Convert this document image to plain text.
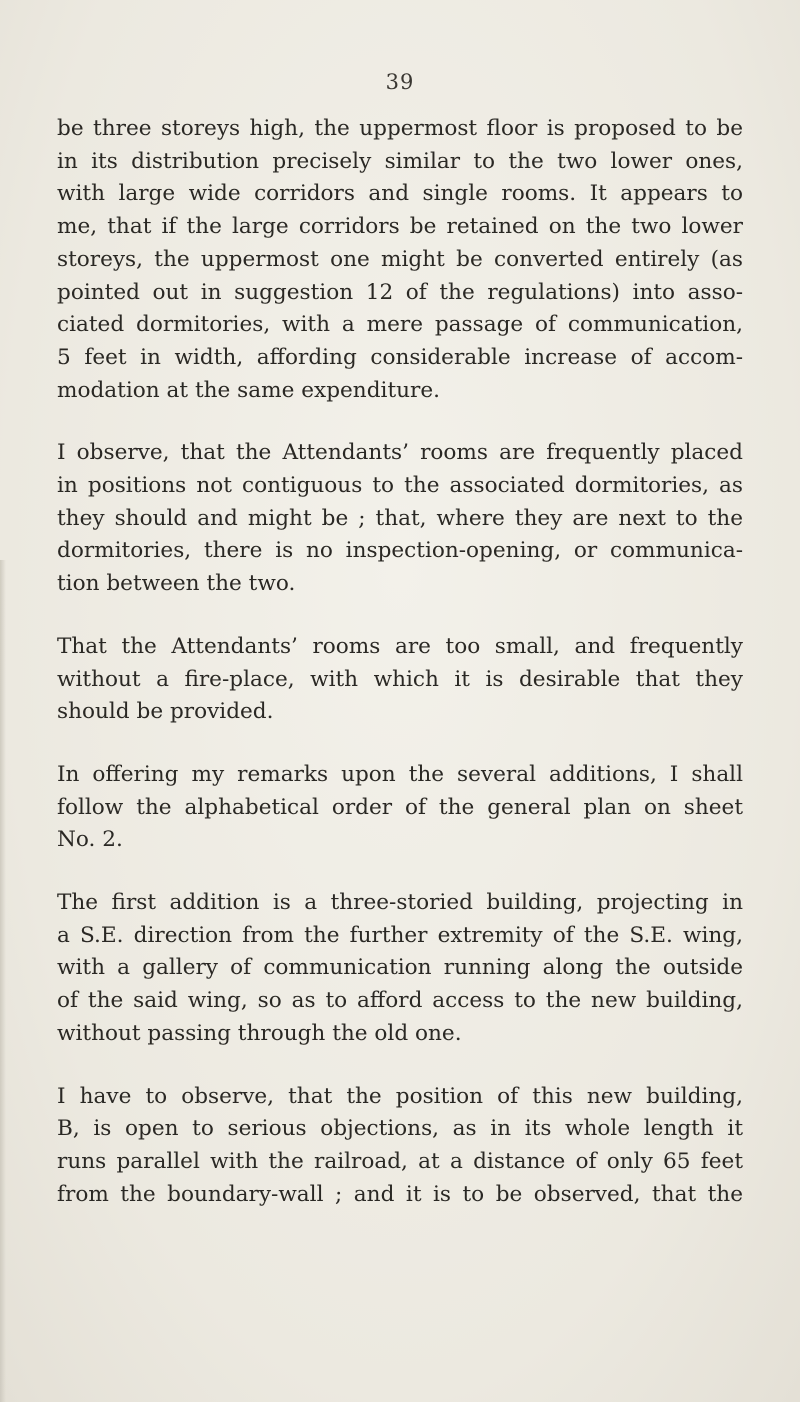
39

be three storeys high, the uppermost floor is proposed to be
in its distribution precisely similar to the two lower ones,
with large wide corridors and single rooms. It appears to
me, that if the large corridors be retained on the two lower
storeys, the uppermost one might be converted entirely (as
pointed out in suggestion 12 of the regulations) into asso-
ciated dormitories, with a mere passage of communication,
5 feet in width, affording considerable increase of accom-
modation at the same expenditure.

I observe, that the Attendants’ rooms are frequently placed
in positions not contiguous to the associated dormitories, as
they should and might be ; that, where they are next to the
dormitories, there is no inspection-opening, or communica-
tion between the two.

That the Attendants’ rooms are too small, and frequently
without a fire-place, with which it is desirable that they
should be provided.

In offering my remarks upon the several additions, I shall
follow the alphabetical order of the general plan on sheet
No. 2.

The first addition is a three-storied building, projecting in
a S.E. direction from the further extremity of the S.E. wing,
with a gallery of communication running along the outside
of the said wing, so as to afford access to the new building,
without passing through the old one.

I have to observe, that the position of this new building,
B, is open to serious objections, as in its whole length it
runs parallel with the railroad, at a distance of only 65 feet
from the boundary-wall ; and it is to be observed, that the
